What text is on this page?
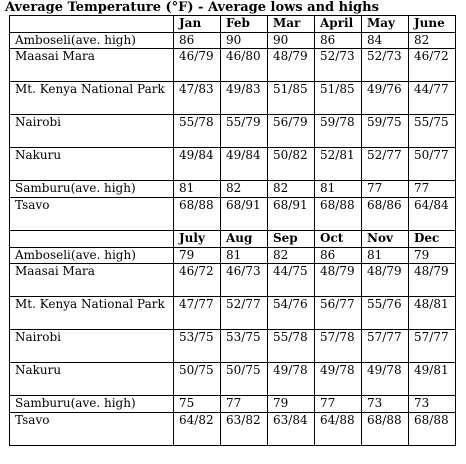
Average Temperature (°F) - Average lows and highs
	Jan	Feb	Mar	April	May	June
Amboseli(ave. high)	86	90	90	86	84	82
Maasai Mara	46/79	46/80	48/79	52/73	52/73	46/72
Mt. Kenya National Park	47/83	49/83	51/85	51/85	49/76	44/77
Nairobi	55/78	55/79	56/79	59/78	59/75	55/75
Nakuru	49/84	49/84	50/82	52/81	52/77	50/77
Samburu(ave. high)	81	82	82	81	77	77
Tsavo	68/88	68/91	68/91	68/88	68/86	64/84
	July	Aug	Sep	Oct	Nov	Dec
Amboseli(ave. high)	79	81	82	86	81	79
Maasai Mara	46/72	46/73	44/75	48/79	48/79	48/79
Mt. Kenya National Park	47/77	52/77	54/76	56/77	55/76	48/81
Nairobi	53/75	53/75	55/78	57/78	57/77	57/77
Nakuru	50/75	50/75	49/78	49/78	49/78	49/81
Samburu(ave. high)	75	77	79	77	73	73
Tsavo	64/82	63/82	63/84	64/88	68/88	68/88
